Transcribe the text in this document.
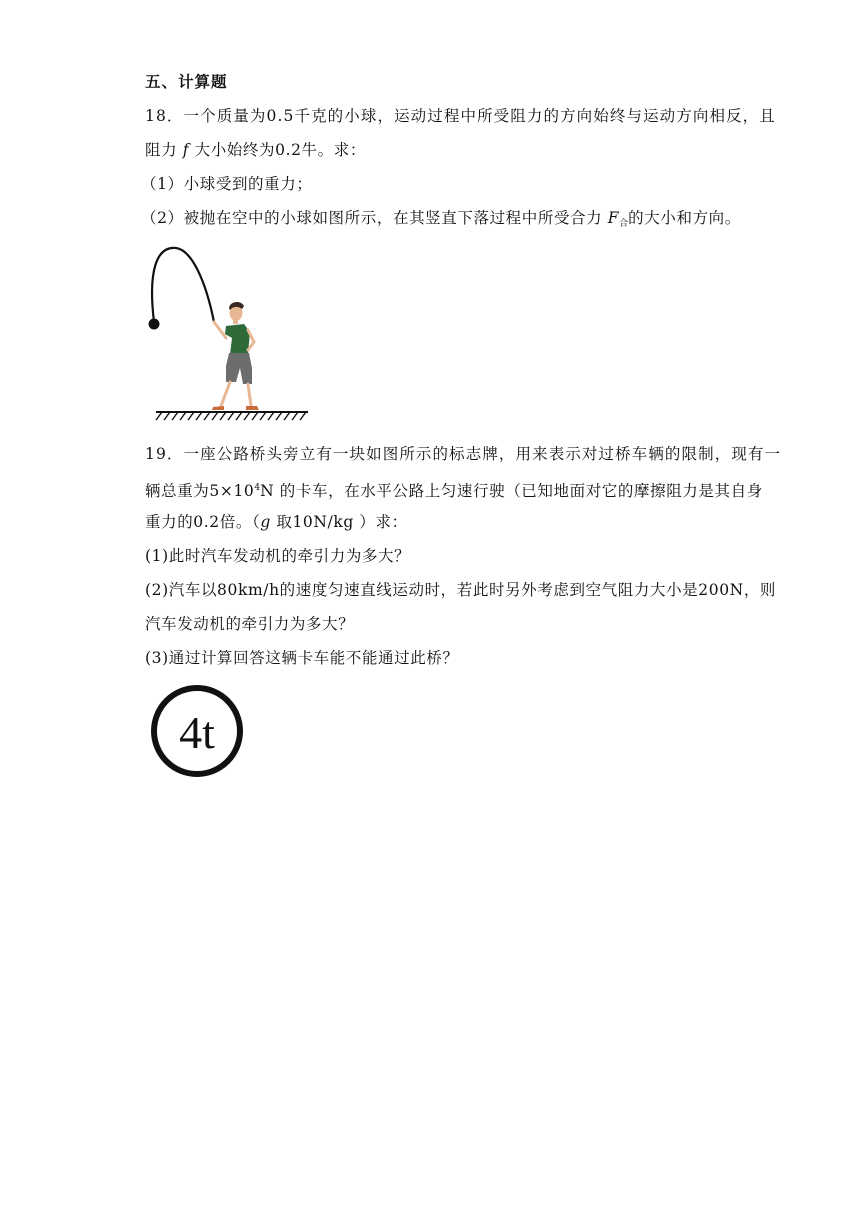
五、计算题
18．一个质量为0.5千克的小球，运动过程中所受阻力的方向始终与运动方向相反，且
阻力 f 大小始终为0.2牛。求：
（1）小球受到的重力；
（2）被抛在空中的小球如图所示，在其竖直下落过程中所受合力 $F_合$的大小和方向。
19．一座公路桥头旁立有一块如图所示的标志牌，用来表示对过桥车辆的限制，现有一
辆总重为$5\times 10^4N$ 的卡车，在水平公路上匀速行驶（已知地面对它的摩擦阻力是其自身
重力的0.2倍。（g 取10N/kg ）求：
(1)此时汽车发动机的牵引力为多大？
(2)汽车以80km/h的速度匀速直线运动时，若此时另外考虑到空气阻力大小是200N，则
汽车发动机的牵引力为多大？
(3)通过计算回答这辆卡车能不能通过此桥？
4t
